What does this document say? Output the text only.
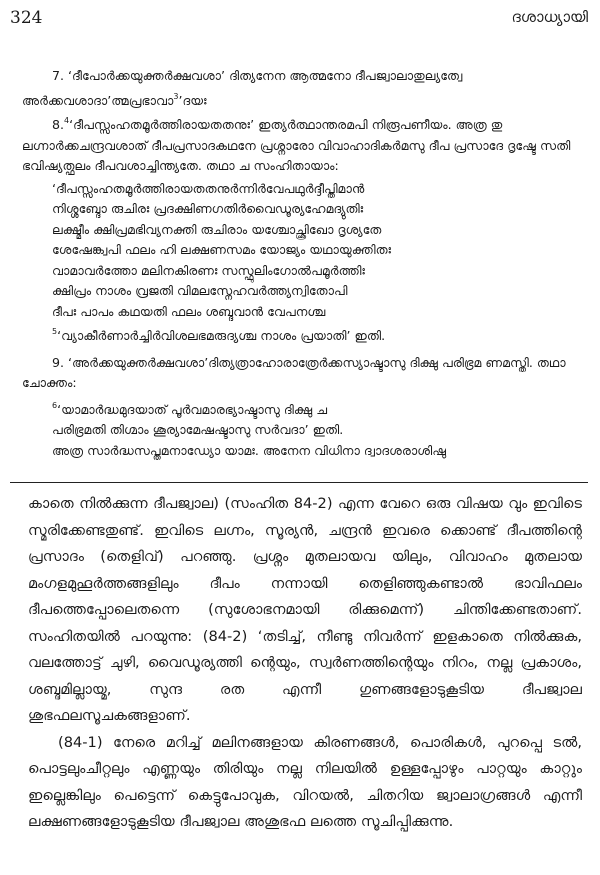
324	ദശാധ്യായി

7. ‘ദീപോർക്കയുക്തർക്ഷവശാ’ ദിത്യനേന ആത്മനോ ദീപജ്വാലാതുല്യത്വേ അർക്കവശാദാ’ത്മപ്രഭാവാ$^3$’ദയഃ

8.$^4$‘ദീപസ്സംഹതമൂർത്തിരായതതനുഃ’ ഇത്യർത്ഥാന്തരമപി നിരൂപണീയം. അത്ര തു ലഗ്നാർക്കചന്ദ്രവശാത് ദീപപ്രസാദകഥനേ പ്രശ്നാരോ വിവാഹാദികർമസു ദീപ പ്രസാദേ ദൃഷ്ടേ സതി ഭവിഷ്യത്ഫലം ദീപവശാച്ചിന്ത്യതേ. തഥാ ച സംഹിതായാം:

‘ദീപസ്സംഹതമൂർത്തിരായതതനുർന്നിർവേപഥുർദ്ദീപ്തിമാൻ
നിശ്ശബ്ദോ രുചിരഃ പ്രദക്ഷിണഗതിർവൈഡൂര്യഹേമദ്യുതിഃ
ലക്ഷ്മീം ക്ഷിപ്രമഭിവ്യനക്തി രുചിരാം യശ്ചോച്ഛ്രിഖോ ദൃശ്യതേ
ശേഷേങ്ക്വപി ഫലം ഹി ലക്ഷണസമം യോജ്യം യഥായുക്തിതഃ
വാമാവർത്തോ മലിനകിരണഃ സസ്ഫുലിംഗോൽപമൂർത്തിഃ
ക്ഷിപ്രം നാശം വ്രജതി വിമലസ്നേഹവർത്ത്യന്വിതോപി
ദീപഃ പാപം കഥയതി ഫലം ശബ്ദവാൻ വേപനശ്ച
$^5$‘വ്യാകീർണാർച്ചിർവിശലഭമരുദ്യശ്ച നാശം പ്രയാതി’ ഇതി.

9. ‘അർക്കയുക്തർക്ഷവശാ’ദിത്യത്രാഹോരാത്രേർക്കസ്യാഷ്ടാസു ദിക്ഷു പരിഭ്രമ ണമസ്തി. തഥാ ചോക്തം:

$^6$‘യാമാർദ്ധമുദയാത് പൂർവമാരഭ്യാഷ്ടാസു ദിക്ഷു ച
പരിഭ്രമതി തിഗ്മാം ശൂര്യാമേഷഷ്ടാസു സർവദാ’ ഇതി.
അത്ര സാർദ്ധസപ്തമനാഡ്യോ യാമഃ. അനേന വിധിനാ ദ്വാദശരാശിഷു

കാതെ നിൽക്കുന്ന ദീപജ്വാല) (സംഹിത 84-2) എന്ന വേറെ ഒരു വിഷയ വും ഇവിടെ സ്മരിക്കേണ്ടതുണ്ട്. ഇവിടെ ലഗ്നം, സൂര്യൻ, ചന്ദ്രൻ ഇവരെ ക്കൊണ്ട് ദീപത്തിന്റെ പ്രസാദം (തെളിവ്) പറഞ്ഞു. പ്രശ്നം മുതലായവ യിലും, വിവാഹം മുതലായ മംഗളമുഹൂർത്തങ്ങളിലും ദീപം നന്നായി തെളിഞ്ഞുകണ്ടാൽ ഭാവിഫലം ദീപത്തെപ്പോലെതന്നെ (സുശോഭനമായി രിക്കുമെന്ന്) ചിന്തിക്കേണ്ടതാണ്. സംഹിതയിൽ പറയുന്നു: (84-2) ‘തടിച്ച്, നീണ്ടു നിവർന്ന് ഇളകാതെ നിൽക്കുക, വലത്തോട്ട് ചുഴി, വൈഡൂര്യത്തി ന്റെയും, സ്വർണത്തിന്റെയും നിറം, നല്ല പ്രകാശം, ശബ്ദമില്ലായ്മ, സുന്ദ രത എന്നീ ഗുണങ്ങളോടുകൂടിയ ദീപജ്വാല ശുഭഫലസൂചകങ്ങളാണ്.

(84-1) നേരെ മറിച്ച് മലിനങ്ങളായ കിരണങ്ങൾ, പൊരികൾ, പുറപ്പെ ടൽ, പൊട്ടലും‌ചീറ്റലും എണ്ണയും തിരിയും നല്ല നിലയിൽ ഉള്ളപ്പോഴും പാറ്റയും കാറ്റും ഇല്ലെങ്കിലും പെട്ടെന്ന് കെട്ടുപോവുക, വിറയൽ, ചിതറിയ ജ്വാലാഗ്രങ്ങൾ എന്നീ ലക്ഷണങ്ങളോടുകൂടിയ ദീപജ്വാല അശുഭഫ ലത്തെ സൂചിപ്പിക്കുന്നു.
